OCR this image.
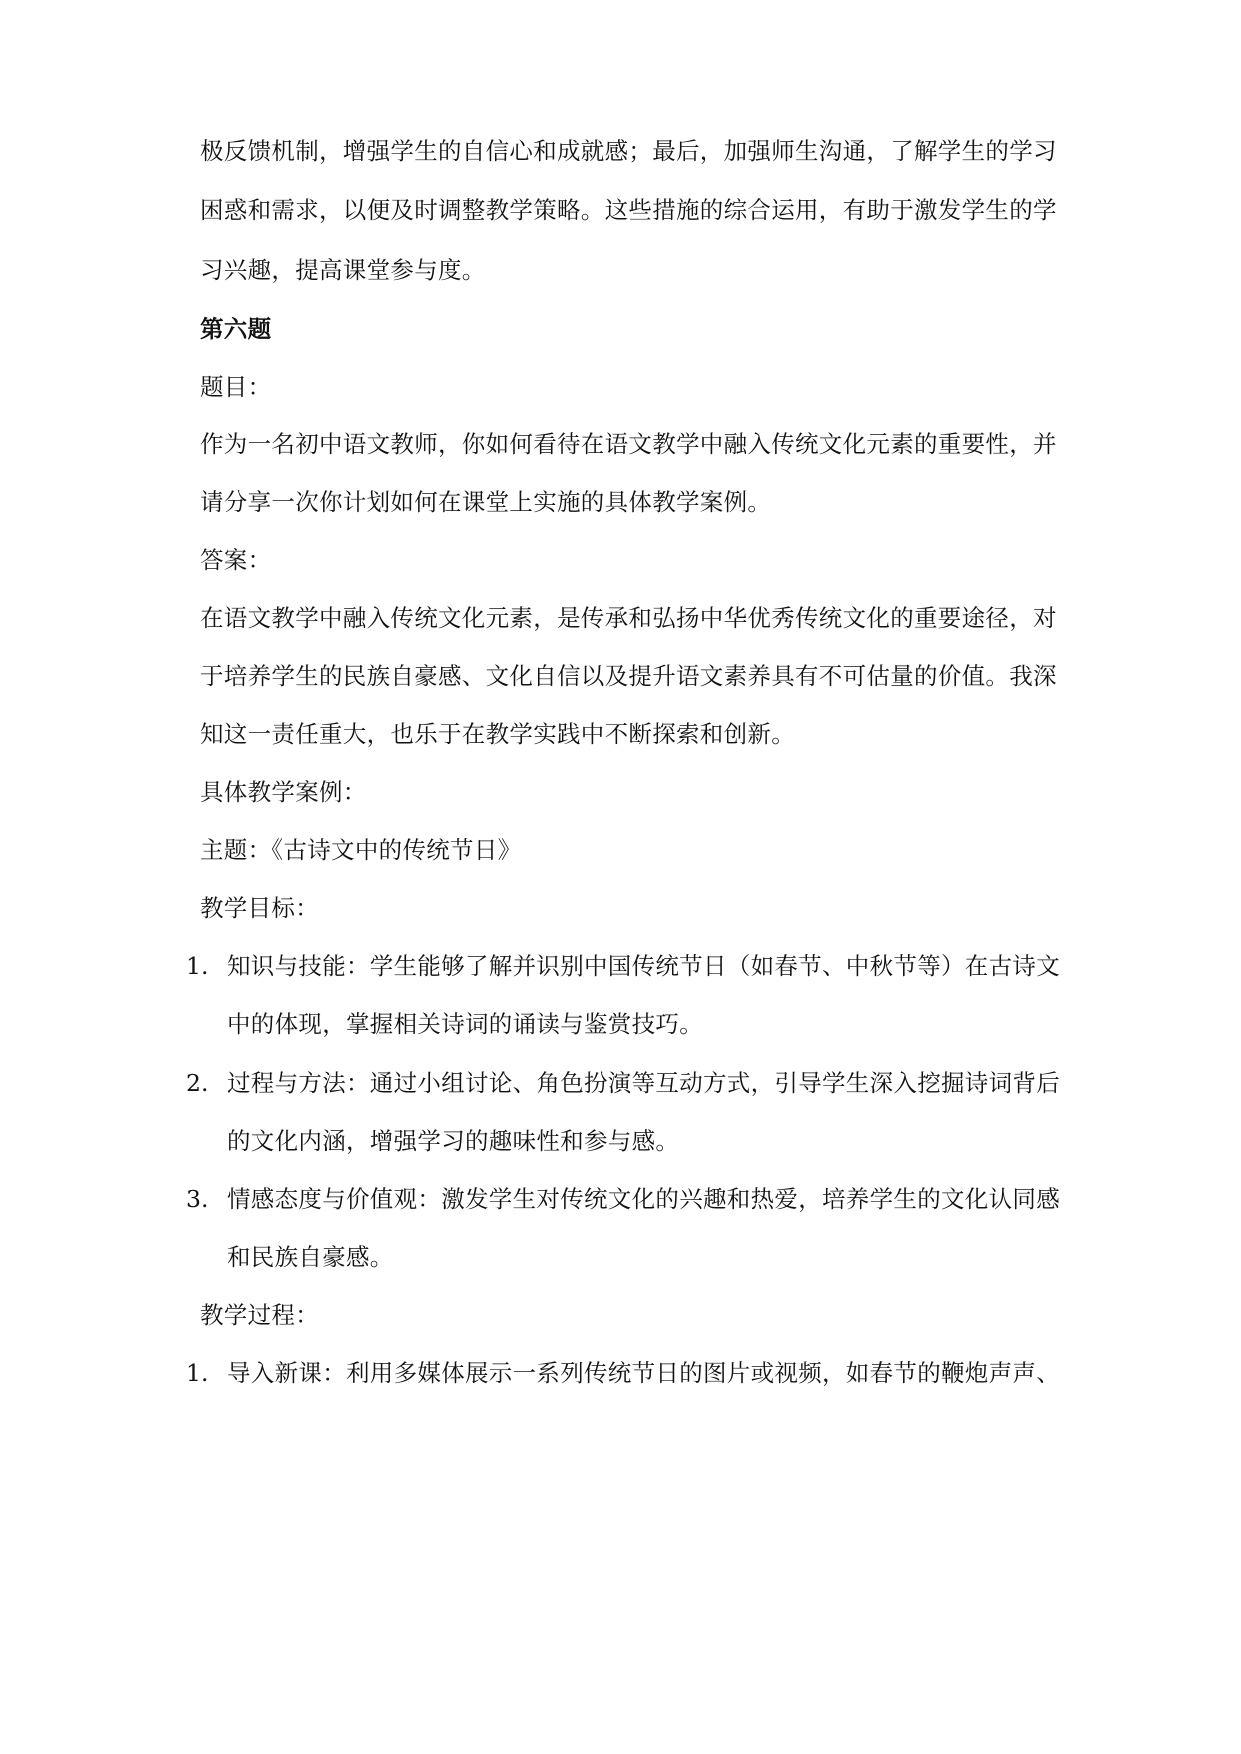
极反馈机制，增强学生的自信心和成就感；最后，加强师生沟通，了解学生的学习
困惑和需求，以便及时调整教学策略。这些措施的综合运用，有助于激发学生的学
习兴趣，提高课堂参与度。
第六题
题目：
作为一名初中语文教师，你如何看待在语文教学中融入传统文化元素的重要性，并
请分享一次你计划如何在课堂上实施的具体教学案例。
答案：
在语文教学中融入传统文化元素，是传承和弘扬中华优秀传统文化的重要途径，对
于培养学生的民族自豪感、文化自信以及提升语文素养具有不可估量的价值。我深
知这一责任重大，也乐于在教学实践中不断探索和创新。
具体教学案例：
主题：《古诗文中的传统节日》
教学目标：
1. 知识与技能：学生能够了解并识别中国传统节日（如春节、中秋节等）在古诗文
中的体现，掌握相关诗词的诵读与鉴赏技巧。
2. 过程与方法：通过小组讨论、角色扮演等互动方式，引导学生深入挖掘诗词背后
的文化内涵，增强学习的趣味性和参与感。
3. 情感态度与价值观：激发学生对传统文化的兴趣和热爱，培养学生的文化认同感
和民族自豪感。
教学过程：
1. 导入新课：利用多媒体展示一系列传统节日的图片或视频，如春节的鞭炮声声、
